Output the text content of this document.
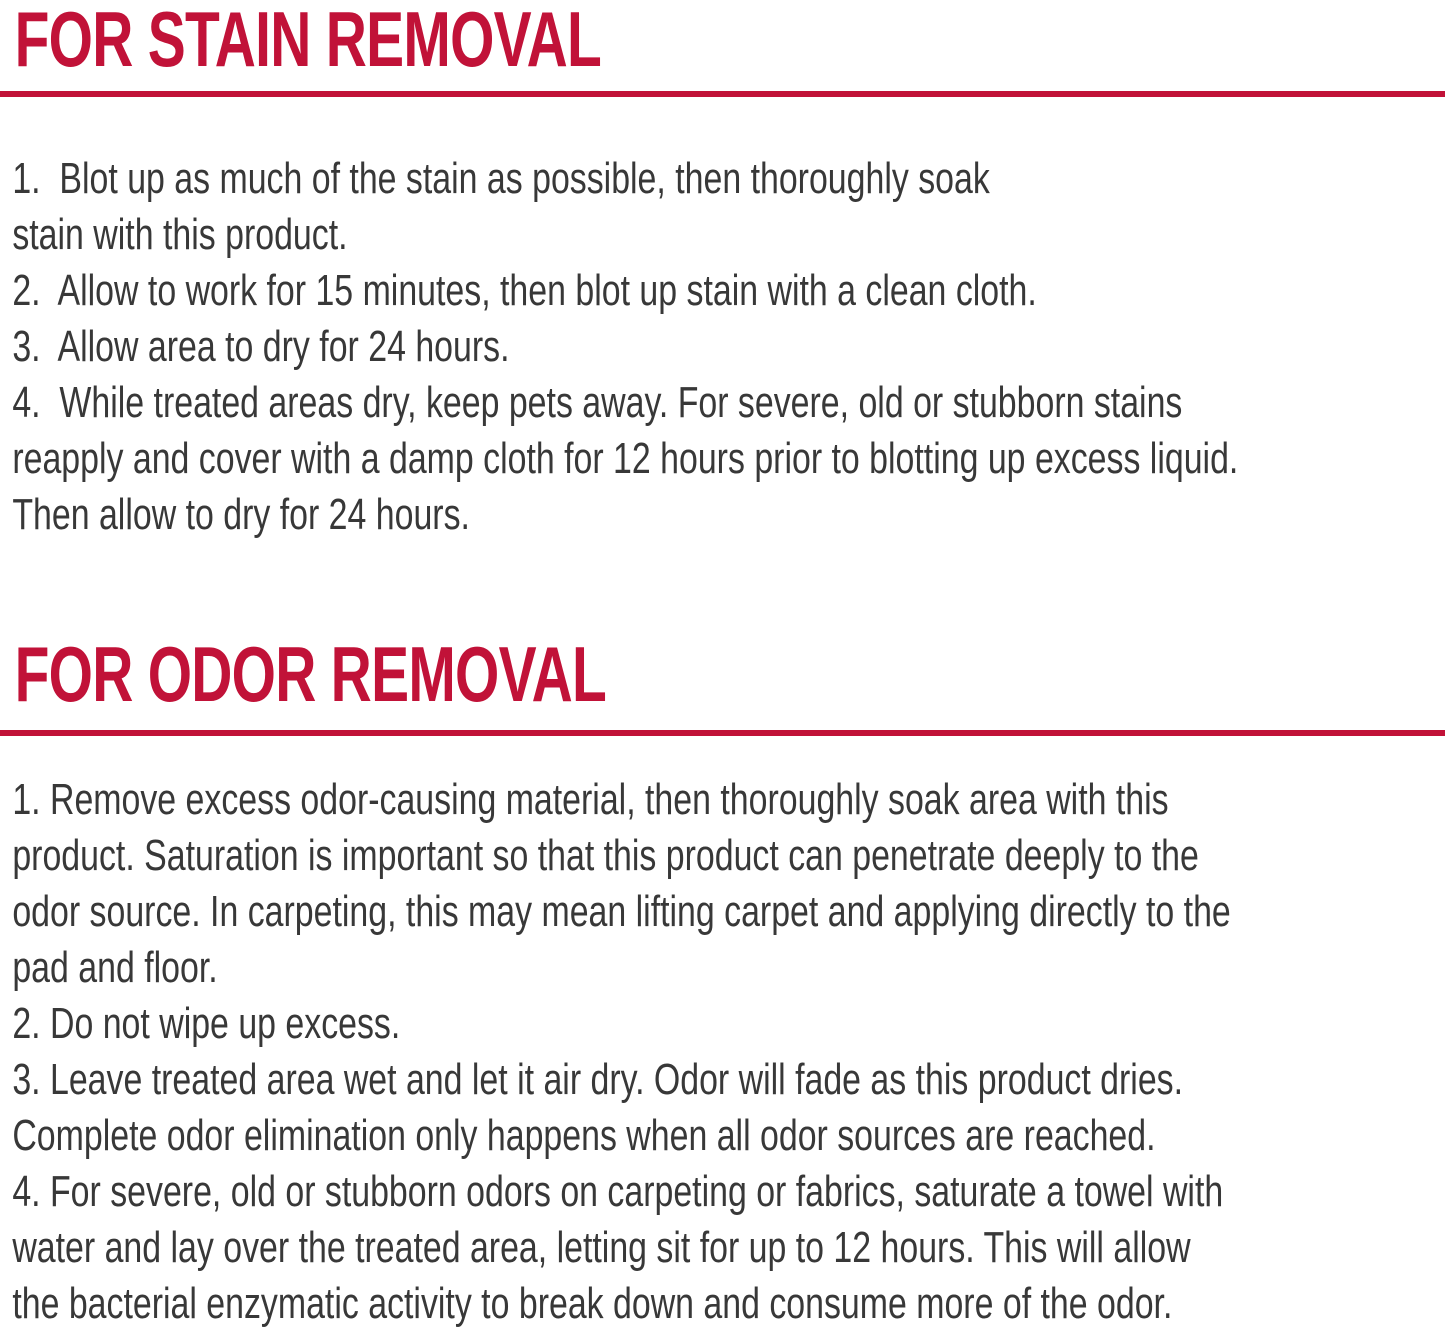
FOR STAIN REMOVAL
1.  Blot up as much of the stain as possible, then thoroughly soak
stain with this product.
2.  Allow to work for 15 minutes, then blot up stain with a clean cloth.
3.  Allow area to dry for 24 hours.
4.  While treated areas dry, keep pets away. For severe, old or stubborn stains
reapply and cover with a damp cloth for 12 hours prior to blotting up excess liquid.
Then allow to dry for 24 hours.
FOR ODOR REMOVAL
1. Remove excess odor-causing material, then thoroughly soak area with this
product. Saturation is important so that this product can penetrate deeply to the
odor source. In carpeting, this may mean lifting carpet and applying directly to the
pad and floor.
2. Do not wipe up excess.
3. Leave treated area wet and let it air dry. Odor will fade as this product dries.
Complete odor elimination only happens when all odor sources are reached.
4. For severe, old or stubborn odors on carpeting or fabrics, saturate a towel with
water and lay over the treated area, letting sit for up to 12 hours. This will allow
the bacterial enzymatic activity to break down and consume more of the odor.
